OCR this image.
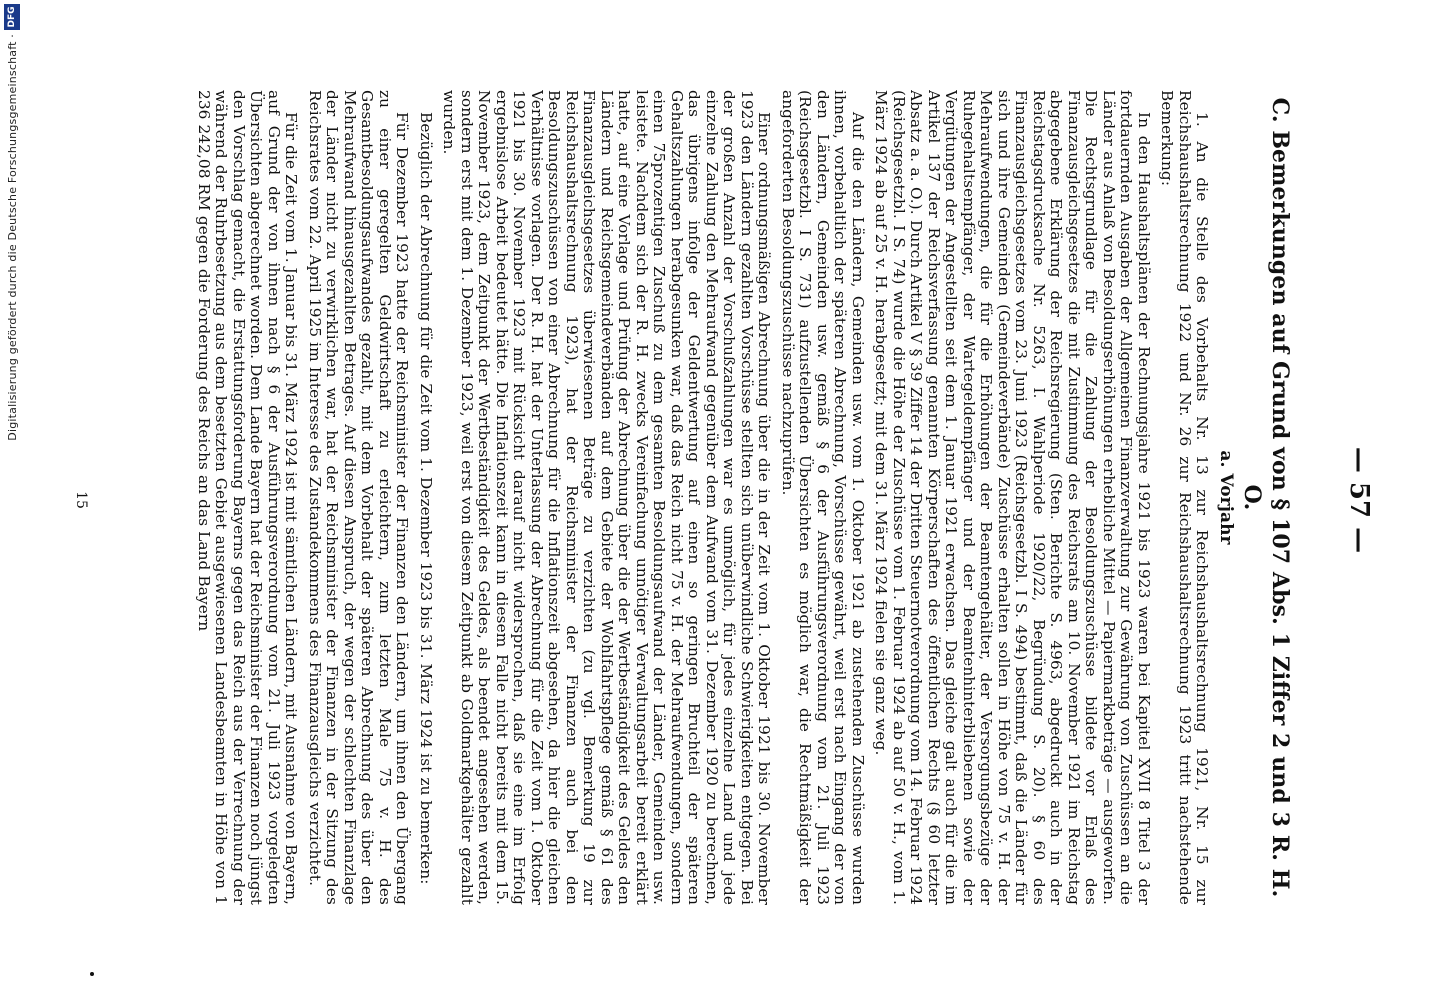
— 57 —
C. Bemerkungen auf Grund von § 107 Abs. 1 Ziffer 2 und 3 R. H. O.
a. Vorjahr

1. An die Stelle des Vorbehalts Nr. 13 zur Reichshaushaltsrechnung 1921, Nr. 15 zur Reichshaushaltsrechnung 1922 und Nr. 26 zur Reichshaushaltsrechnung 1923 tritt nachstehende Bemerkung:

In den Haushaltsplänen der Rechnungsjahre 1921 bis 1923 waren bei Kapitel XVII 8 Titel 3 der fortdauernden Ausgaben der Allgemeinen Finanzverwaltung zur Gewährung von Zuschüssen an die Länder aus Anlaß von Besoldungserhöhungen erhebliche Mittel — Papiermarkbeträge — ausgeworfen. Die Rechtsgrundlage für die Zahlung der Besoldungszuschüsse bildete vor Erlaß des Finanzausgleichsgesetzes die mit Zustimmung des Reichsrats am 10. November 1921 im Reichstag abgegebene Erklärung der Reichsregierung (Sten. Berichte S. 4963, abgedruckt auch in der Reichstagsdrucksache Nr. 5263, I. Wahlperiode 1920/22, Begründung S. 20). § 60 des Finanzausgleichsgesetzes vom 23. Juni 1923 (Reichsgesetzbl. I S. 494) bestimmt, daß die Länder für sich und ihre Gemeinden (Gemeindeverbände) Zuschüsse erhalten sollen in Höhe von 75 v. H. der Mehraufwendungen, die für die Erhöhungen der Beamtengehälter, der Versorgungsbezüge der Ruhegehaltsempfänger, der Wartegeldempfänger und der Beamtenhinterbliebenen sowie der Vergütungen der Angestellten seit dem 1. Januar 1921 erwachsen. Das gleiche galt auch für die im Artikel 137 der Reichsverfassung genannten Körperschaften des öffentlichen Rechts (§ 60 letzter Absatz a. a. O.). Durch Artikel V § 39 Ziffer 14 der Dritten Steuernotverordnung vom 14. Februar 1924 (Reichsgesetzbl. I S. 74) wurde die Höhe der Zuschüsse vom 1. Februar 1924 ab auf 50 v. H., vom 1. März 1924 ab auf 25 v. H. herabgesetzt; mit dem 31. März 1924 fielen sie ganz weg.

Auf die den Ländern, Gemeinden usw. vom 1. Oktober 1921 ab zustehenden Zuschüsse wurden ihnen, vorbehaltlich der späteren Abrechnung, Vorschüsse gewährt, weil erst nach Eingang der von den Ländern, Gemeinden usw. gemäß § 6 der Ausführungsverordnung vom 21. Juli 1923 (Reichsgesetzbl. I S. 731) aufzustellenden Übersichten es möglich war, die Rechtmäßigkeit der angeforderten Besoldungszuschüsse nachzuprüfen.

Einer ordnungsmäßigen Abrechnung über die in der Zeit vom 1. Oktober 1921 bis 30. November 1923 den Ländern gezahlten Vorschüsse stellten sich unüberwindliche Schwierigkeiten entgegen. Bei der großen Anzahl der Vorschußzahlungen war es unmöglich, für jedes einzelne Land und jede einzelne Zahlung den Mehraufwand gegenüber dem Aufwand vom 31. Dezember 1920 zu berechnen, das übrigens infolge der Geldentwertung auf einen so geringen Bruchteil der späteren Gehaltszahlungen herabgesunken war, daß das Reich nicht 75 v. H. der Mehraufwendungen, sondern einen 75prozentigen Zuschuß zu dem gesamten Besoldungsaufwand der Länder, Gemeinden usw. leistete. Nachdem sich der R. H. zwecks Vereinfachung unnötiger Verwaltungsarbeit bereit erklärt hatte, auf eine Vorlage und Prüfung der Abrechnung über die der Wertbeständigkeit des Geldes den Ländern und Reichsgemeindeverbänden auf dem Gebiete der Wohlfahrtspflege gemäß § 61 des Finanzausgleichsgesetzes überwiesenen Beträge zu verzichten (zu vgl. Bemerkung 19 zur Reichshaushaltsrechnung 1923), hat der Reichsminister der Finanzen auch bei den Besoldungszuschüssen von einer Abrechnung für die Inflationszeit abgesehen, da hier die gleichen Verhältnisse vorlagen. Der R. H. hat der Unterlassung der Abrechnung für die Zeit vom 1. Oktober 1921 bis 30. November 1923 mit Rücksicht darauf nicht widersprochen, daß sie eine im Erfolg ergebnislose Arbeit bedeutet hätte. Die Inflationszeit kann in diesem Falle nicht bereits mit dem 15. November 1923, dem Zeitpunkt der Wertbeständigkeit des Geldes, als beendet angesehen werden, sondern erst mit dem 1. Dezember 1923, weil erst von diesem Zeitpunkt ab Goldmarkgehälter gezahlt wurden.

Bezüglich der Abrechnung für die Zeit vom 1. Dezember 1923 bis 31. März 1924 ist zu bemerken:

Für Dezember 1923 hatte der Reichsminister der Finanzen den Ländern, um ihnen den Übergang zu einer geregelten Geldwirtschaft zu erleichtern, zum letzten Male 75 v. H. des Gesamtbesoldungsaufwandes gezahlt, mit dem Vorbehalt der späteren Abrechnung des über den Mehraufwand hinausgezahlten Betrages. Auf diesen Anspruch, der wegen der schlechten Finanzlage der Länder nicht zu verwirklichen war, hat der Reichsminister der Finanzen in der Sitzung des Reichsrates vom 22. April 1925 im Interesse des Zustandekommens des Finanzausgleichs verzichtet.

Für die Zeit vom 1. Januar bis 31. März 1924 ist mit sämtlichen Ländern, mit Ausnahme von Bayern, auf Grund der von ihnen nach § 6 der Ausführungsverordnung vom 21. Juli 1923 vorgelegten Übersichten abgerechnet worden. Dem Lande Bayern hat der Reichsminister der Finanzen noch jüngst den Vorschlag gemacht, die Erstattungsforderung Bayerns gegen das Reich aus der Verrechnung der während der Ruhrbesetzung aus dem besetzten Gebiet ausgewiesenen Landesbeamten in Höhe von 1 236 242,08 RM gegen die Forderung des Reichs an das Land Bayern

15
Digitalisierung gefördert durch die Deutsche Forschungsgemeinschaft ·
DFG
